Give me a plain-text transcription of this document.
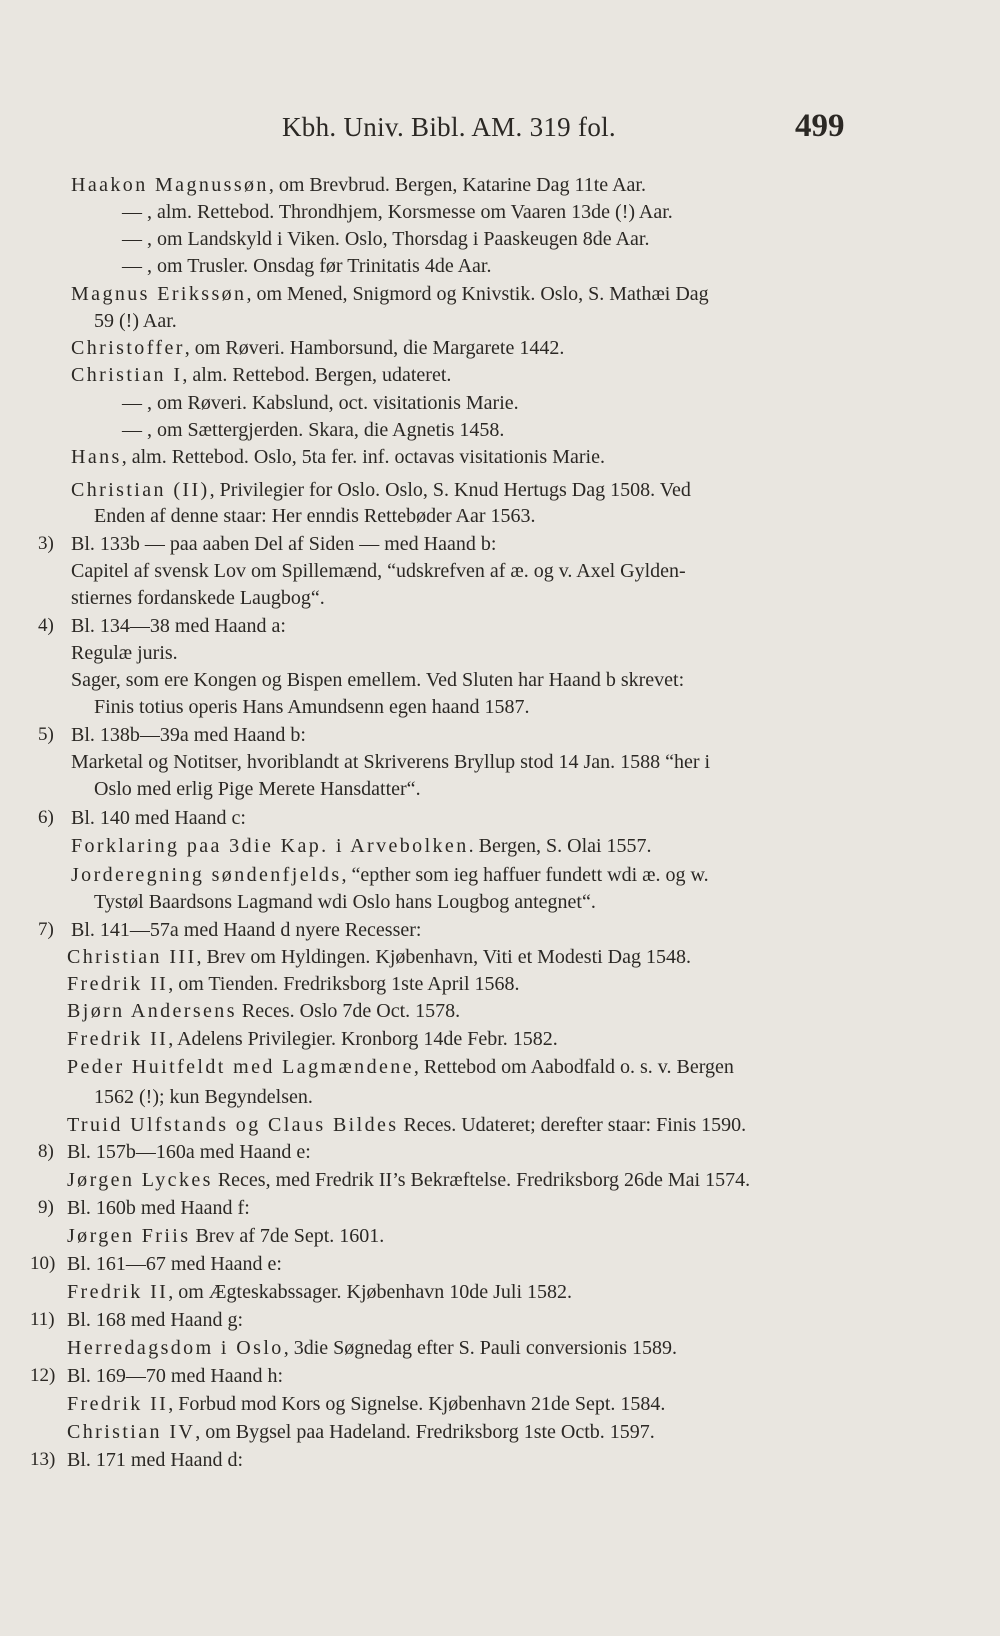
Kbh. Univ. Bibl. AM. 319 fol.	499
Haakon Magnussøn, om Brevbrud. Bergen, Katarine Dag 11te Aar.
— , alm. Rettebod. Throndhjem, Korsmesse om Vaaren 13de (!) Aar.
— , om Landskyld i Viken. Oslo, Thorsdag i Paaskeugen 8de Aar.
— , om Trusler. Onsdag før Trinitatis 4de Aar.
Magnus Erikssøn, om Mened, Snigmord og Knivstik. Oslo, S. Mathæi Dag
59 (!) Aar.
Christoffer, om Røveri. Hamborsund, die Margarete 1442.
Christian I, alm. Rettebod. Bergen, udateret.
— , om Røveri. Kabslund, oct. visitationis Marie.
— , om Sættergjerden. Skara, die Agnetis 1458.
Hans, alm. Rettebod. Oslo, 5ta fer. inf. octavas visitationis Marie.
Christian (II), Privilegier for Oslo. Oslo, S. Knud Hertugs Dag 1508. Ved
Enden af denne staar: Her enndis Rettebøder Aar 1563.
Bl. 133b — paa aaben Del af Siden — med Haand b:
Capitel af svensk Lov om Spillemænd, “udskrefven af æ. og v. Axel Gylden-
stiernes fordanskede Laugbog“.
Bl. 134—38 med Haand a:
Regulæ juris.
Sager, som ere Kongen og Bispen emellem. Ved Sluten har Haand b skrevet:
Finis totius operis Hans Amundsenn egen haand 1587.
Bl. 138b—39a med Haand b:
Marketal og Notitser, hvoriblandt at Skriverens Bryllup stod 14 Jan. 1588 “her i
Oslo med erlig Pige Merete Hansdatter“.
Bl. 140 med Haand c:
Forklaring paa 3die Kap. i Arvebolken. Bergen, S. Olai 1557.
Jorderegning søndenfjelds, “epther som ieg haffuer fundett wdi æ. og w.
Tystøl Baardsons Lagmand wdi Oslo hans Lougbog antegnet“.
Bl. 141—57a med Haand d nyere Recesser:
Christian III, Brev om Hyldingen. Kjøbenhavn, Viti et Modesti Dag 1548.
Fredrik II, om Tienden. Fredriksborg 1ste April 1568.
Bjørn Andersens Reces. Oslo 7de Oct. 1578.
Fredrik II, Adelens Privilegier. Kronborg 14de Febr. 1582.
Peder Huitfeldt med Lagmændene, Rettebod om Aabodfald o. s. v. Bergen
1562 (!); kun Begyndelsen.
Truid Ulfstands og Claus Bildes Reces. Udateret; derefter staar: Finis 1590.
Bl. 157b—160a med Haand e:
Jørgen Lyckes Reces, med Fredrik II’s Bekræftelse. Fredriksborg 26de Mai 1574.
Bl. 160b med Haand f:
Jørgen Friis Brev af 7de Sept. 1601.
Bl. 161—67 med Haand e:
Fredrik II, om Ægteskabssager. Kjøbenhavn 10de Juli 1582.
Bl. 168 med Haand g:
Herredagsdom i Oslo, 3die Søgnedag efter S. Pauli conversionis 1589.
Bl. 169—70 med Haand h:
Fredrik II, Forbud mod Kors og Signelse. Kjøbenhavn 21de Sept. 1584.
Christian IV, om Bygsel paa Hadeland. Fredriksborg 1ste Octb. 1597.
Bl. 171 med Haand d:
3)
4)
5)
6)
7)
8)
9)
10)
11)
12)
13)
